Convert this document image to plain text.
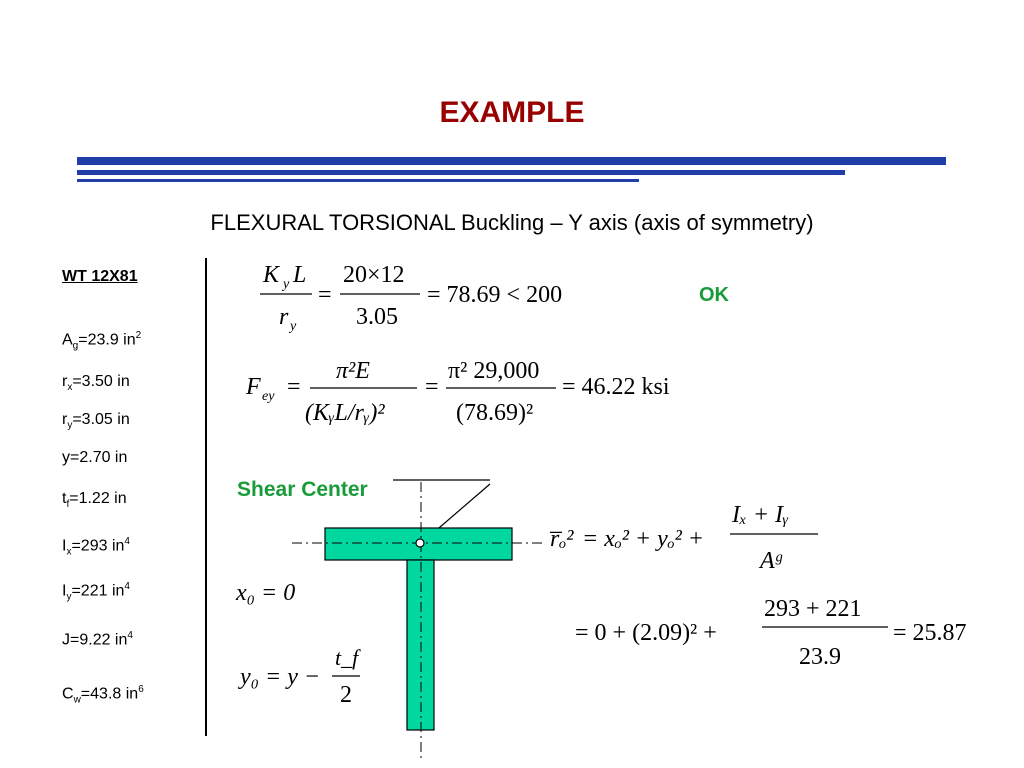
EXAMPLE
FLEXURAL TORSIONAL Buckling – Y axis (axis of symmetry)
WT 12X81
$A_g=23.9$ $in^2$
$r_x=3.50$ in
$r_y=3.05$ in
y=2.70 in
$t_f=1.22$ in
$I_x=293$ $in^4$
$I_y=221$ $in^4$
J=9.22 $in^4$
$C_w=43.8$ $in^6$
OK
Shear Center
K y L
r y
=
20×12
3.05
= 78.69 < 200
F ey =
π²E
(KᵧL/rᵧ)²
=
π² 29,000
(78.69)²
= 46.22 ksi
r̅ₒ² = xₒ² + yₒ² +
Iₓ + Iᵧ
Aᵍ
= 0 + (2.09)² +
293 + 221
23.9
= 25.87
x₀ = 0
y₀ = y −
t_f
2
